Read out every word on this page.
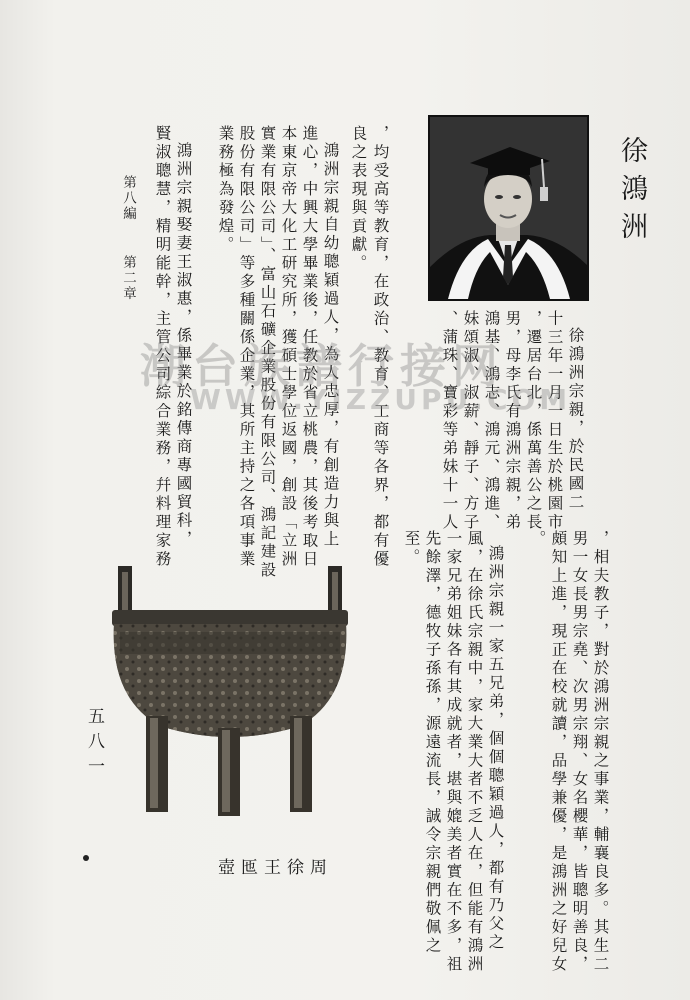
徐鴻洲
徐鴻洲宗親，於民國二
十三年一月一日生於桃園市
，遷居台北，係萬善公之長
男，母李氏有鴻洲宗親，弟
鴻基、鴻志、鴻元、鴻進、
妹頌淑、淑薪、靜子、方子
、蒲珠、寶彩等弟妹十一人
，均受高等教育，在政治、教育、工商等各界，都有優
良之表現與貢獻。
鴻洲宗親自幼聰穎過人，為人忠厚，有創造力與上
進心，中興大學畢業後，任教於省立桃農，其後考取日
本東京帝大化工研究所，獲碩士學位返國，創設「立洲
實業有限公司」、富山石礦企業股份有限公司、鴻記建設
股份有限公司」等多種關係企業，其所主持之各項事業
業務極為發煌。
鴻洲宗親娶妻王淑惠，係畢業於銘傳商專國貿科，
賢淑聰慧，精明能幹，主管公司綜合業務，幷料理家務
第八編
第二章
，相夫教子，對於鴻洲宗親之事業，輔襄良多。其生二
男一女長男宗堯、次男宗翔、女名櫻華，皆聰明善良，
頗知上進，現正在校就讀，品學兼優，是鴻洲之好兒女
。
鴻洲宗親一家五兄弟，個個聰穎過人，都有乃父之
風，在徐氏宗親中，家大業大者不乏人在，但能有鴻洲
一家兄弟姐妹各有其成就者，堪與媲美者實在不多，祖
先餘澤，德牧子孫孫，源遠流長，誠令宗親們敬佩之
至。
周徐王匜壺
五八一
潮台族譜行接网
WWW.YIZZUPU.COM
